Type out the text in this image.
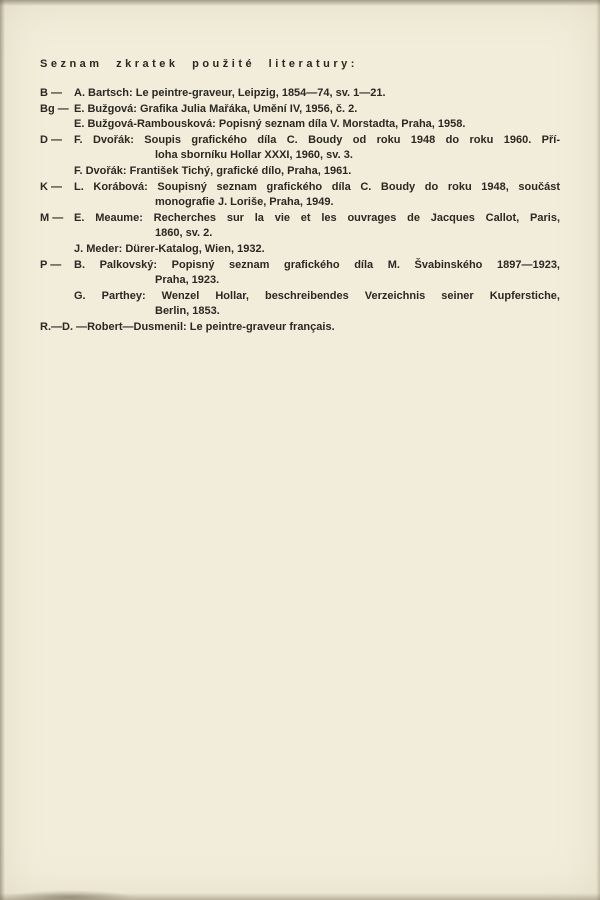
Seznam zkratek použité literatury:
B —	A. Bartsch: Le peintre-graveur, Leipzig, 1854—74, sv. 1—21.
Bg — E. Bužgová: Grafika Julia Mařáka, Umění IV, 1956, č. 2.
E. Bužgová-Rambousková: Popisný seznam díla V. Morstadta, Praha, 1958.
D —	F. Dvořák: Soupis grafického díla C. Boudy od roku 1948 do roku 1960. Pří-
loha sborníku Hollar XXXI, 1960, sv. 3.
F. Dvořák: František Tichý, grafické dílo, Praha, 1961.
K —	L. Korábová: Soupisný seznam grafického díla C. Boudy do roku 1948, součást
monografie J. Loriše, Praha, 1949.
M — E. Meaume: Recherches sur la vie et les ouvrages de Jacques Callot, Paris,
1860, sv. 2.
J. Meder: Dürer-Katalog, Wien, 1932.
P —	B. Palkovský: Popisný seznam grafického díla M. Švabinského 1897—1923,
Praha, 1923.
G. Parthey: Wenzel Hollar, beschreibendes Verzeichnis seiner Kupferstiche,
Berlin, 1853.
R.—D. — Robert—Dusmenil: Le peintre-graveur français.
